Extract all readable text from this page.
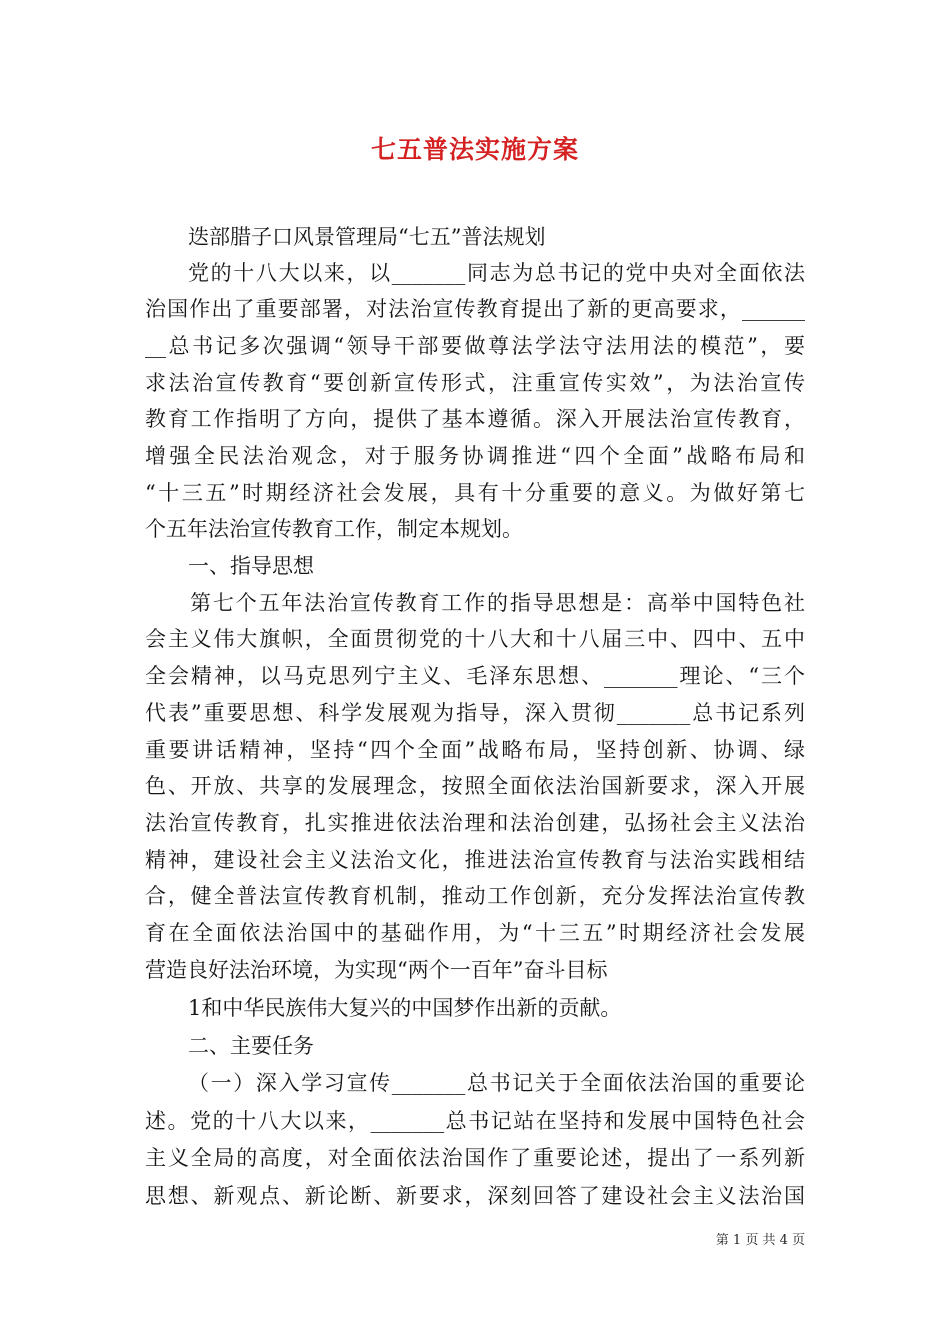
七五普法实施方案
迭部腊子口风景管理局“七五”普法规划
党的十八大以来，以_______同志为总书记的党中央对全面依法
治国作出了重要部署，对法治宣传教育提出了新的更高要求，______
__总书记多次强调“领导干部要做尊法学法守法用法的模范”，要
求法治宣传教育“要创新宣传形式，注重宣传实效”，为法治宣传
教育工作指明了方向，提供了基本遵循。深入开展法治宣传教育，
增强全民法治观念，对于服务协调推进“四个全面”战略布局和
“十三五”时期经济社会发展，具有十分重要的意义。为做好第七
个五年法治宣传教育工作，制定本规划。
一、指导思想
第七个五年法治宣传教育工作的指导思想是：高举中国特色社
会主义伟大旗帜，全面贯彻党的十八大和十八届三中、四中、五中
全会精神，以马克思列宁主义、毛泽东思想、_______理论、“三个
代表”重要思想、科学发展观为指导，深入贯彻_______总书记系列
重要讲话精神，坚持“四个全面”战略布局，坚持创新、协调、绿
色、开放、共享的发展理念，按照全面依法治国新要求，深入开展
法治宣传教育，扎实推进依法治理和法治创建，弘扬社会主义法治
精神，建设社会主义法治文化，推进法治宣传教育与法治实践相结
合，健全普法宣传教育机制，推动工作创新，充分发挥法治宣传教
育在全面依法治国中的基础作用，为“十三五”时期经济社会发展
营造良好法治环境，为实现“两个一百年”奋斗目标
1和中华民族伟大复兴的中国梦作出新的贡献。
二、主要任务
（一）深入学习宣传_______总书记关于全面依法治国的重要论
述。党的十八大以来，_______总书记站在坚持和发展中国特色社会
主义全局的高度，对全面依法治国作了重要论述，提出了一系列新
思想、新观点、新论断、新要求，深刻回答了建设社会主义法治国
第 1 页 共 4 页
